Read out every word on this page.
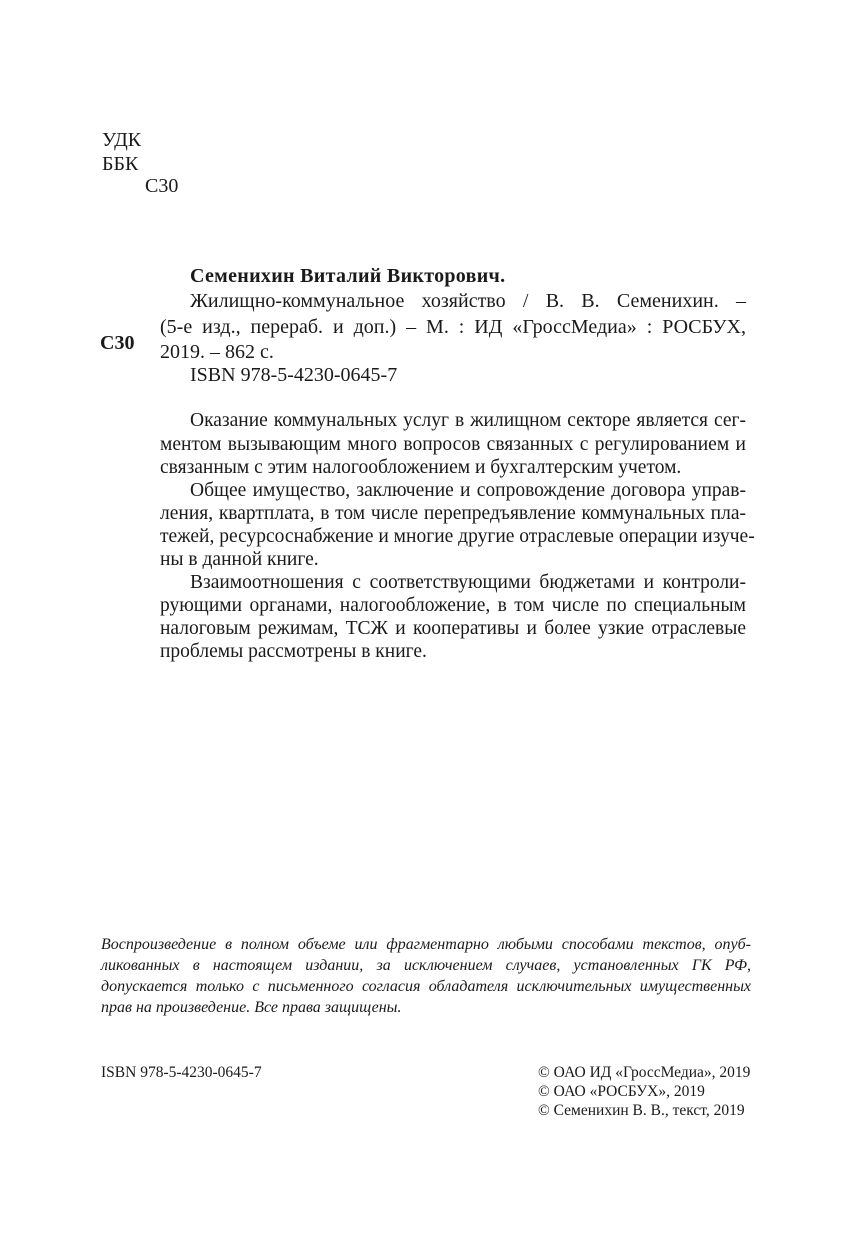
УДК
ББК
С30
С30
Семенихин Виталий Викторович.
Жилищно-коммунальное хозяйство / В. В. Семенихин. –
(5-е изд., перераб. и доп.) – М. : ИД «ГроссМедиа» : РОСБУХ,
2019. – 862 с.
ISBN 978-5-4230-0645-7
Оказание коммунальных услуг в жилищном секторе является сег-
ментом вызывающим много вопросов связанных с регулированием и
связанным с этим налогообложением и бухгалтерским учетом.
Общее имущество, заключение и сопровождение договора управ-
ления, квартплата, в том числе перепредъявление коммунальных пла-
тежей, ресурсоснабжение и многие другие отраслевые операции изуче-
ны в данной книге.
Взаимоотношения с соответствующими бюджетами и контроли-
рующими органами, налогообложение, в том числе по специальным
налоговым режимам, ТСЖ и кооперативы и более узкие отраслевые
проблемы рассмотрены в книге.
Воспроизведение в полном объеме или фрагментарно любыми способами текстов, опуб-
ликованных в настоящем издании, за исключением случаев, установленных ГК РФ,
допускается только с письменного согласия обладателя исключительных имущественных
прав на произведение. Все права защищены.
ISBN 978-5-4230-0645-7	© ОАО ИД «ГроссМедиа», 2019
© ОАО «РОСБУХ», 2019
© Семенихин В. В., текст, 2019
